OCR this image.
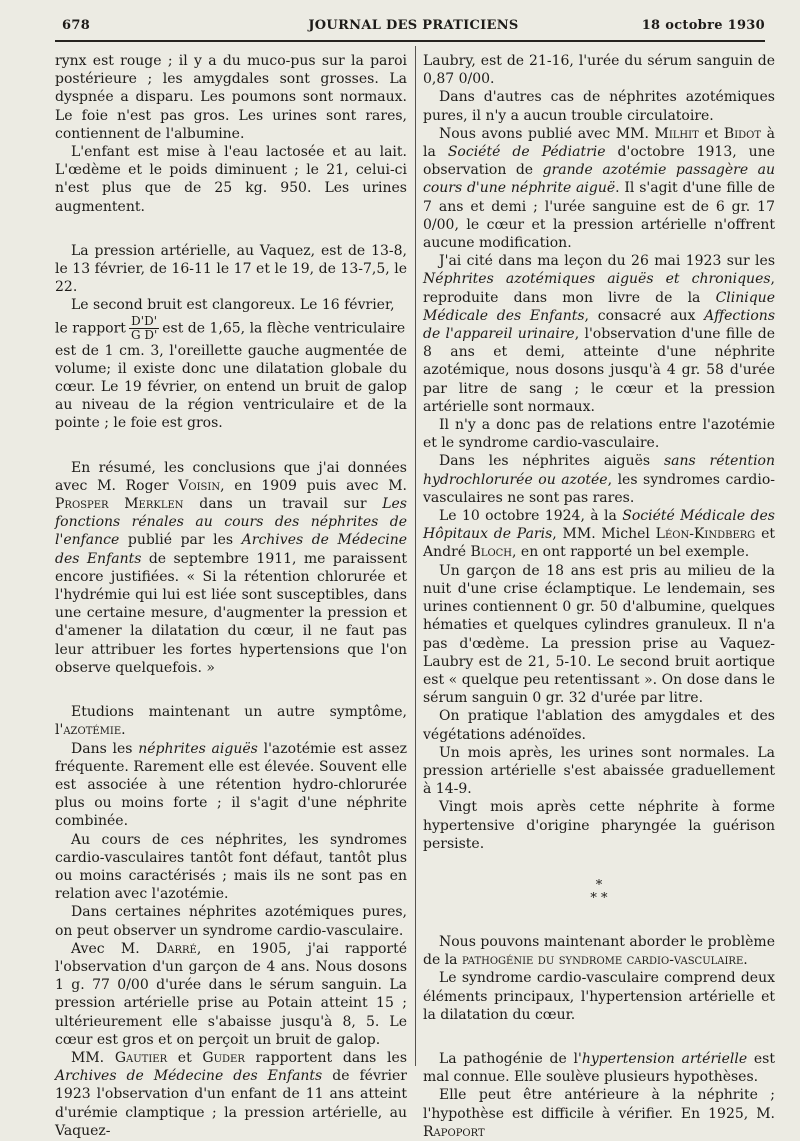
678	JOURNAL DES PRATICIENS	18 octobre 1930

rynx est rouge ; il y a du muco-pus sur la paroi postérieure ; les amygdales sont grosses. La dyspnée a disparu. Les poumons sont normaux. Le foie n'est pas gros. Les urines sont rares, contiennent de l'albumine.

L'enfant est mise à l'eau lactosée et au lait. L'œdème et le poids diminuent ; le 21, celui-ci n'est plus que de 25 kg. 950. Les urines augmentent.

La pression artérielle, au Vaquez, est de 13-8, le 13 février, de 16-11 le 17 et le 19, de 13-7,5, le 22.

Le second bruit est clangoreux. Le 16 février,

le rapport $\frac{D'D'}{\text{G D'}}$ est de 1,65, la flèche ventriculaire

est de 1 cm. 3, l'oreillette gauche augmentée de volume; il existe donc une dilatation globale du cœur. Le 19 février, on entend un bruit de galop au niveau de la région ventriculaire et de la pointe ; le foie est gros.

En résumé, les conclusions que j'ai données avec M. Roger Voisin, en 1909 puis avec M. Prosper Merklen dans un travail sur Les fonctions rénales au cours des néphrites de l'enfance publié par les Archives de Médecine des Enfants de septembre 1911, me paraissent encore justifiées. « Si la rétention chlorurée et l'hydrémie qui lui est liée sont susceptibles, dans une certaine mesure, d'augmenter la pression et d'amener la dilatation du cœur, il ne faut pas leur attribuer les fortes hypertensions que l'on observe quelquefois. »

Etudions maintenant un autre symptôme, l'azotémie.

Dans les néphrites aiguës l'azotémie est assez fréquente. Rarement elle est élevée. Souvent elle est associée à une rétention hydro-chlorurée plus ou moins forte ; il s'agit d'une néphrite combinée.

Au cours de ces néphrites, les syndromes cardio-vasculaires tantôt font défaut, tantôt plus ou moins caractérisés ; mais ils ne sont pas en relation avec l'azotémie.

Dans certaines néphrites azotémiques pures, on peut observer un syndrome cardio-vasculaire.

Avec M. Darré, en 1905, j'ai rapporté l'observation d'un garçon de 4 ans. Nous dosons 1 g. 77 0/00 d'urée dans le sérum sanguin. La pression artérielle prise au Potain atteint 15 ; ultérieurement elle s'abaisse jusqu'à 8, 5. Le cœur est gros et on perçoit un bruit de galop.

MM. Gautier et Guder rapportent dans les Archives de Médecine des Enfants de février 1923 l'observation d'un enfant de 11 ans atteint d'urémie clamptique ; la pression artérielle, au Vaquez-

Laubry, est de 21-16, l'urée du sérum sanguin de 0,87 0/00.

Dans d'autres cas de néphrites azotémiques pures, il n'y a aucun trouble circulatoire.

Nous avons publié avec MM. Milhit et Bidot à la Société de Pédiatrie d'octobre 1913, une observation de grande azotémie passagère au cours d'une néphrite aiguë. Il s'agit d'une fille de 7 ans et demi ; l'urée sanguine est de 6 gr. 17 0/00, le cœur et la pression artérielle n'offrent aucune modification.

J'ai cité dans ma leçon du 26 mai 1923 sur les Néphrites azotémiques aiguës et chroniques, reproduite dans mon livre de la Clinique Médicale des Enfants, consacré aux Affections de l'appareil urinaire, l'observation d'une fille de 8 ans et demi, atteinte d'une néphrite azotémique, nous dosons jusqu'à 4 gr. 58 d'urée par litre de sang ; le cœur et la pression artérielle sont normaux.

Il n'y a donc pas de relations entre l'azotémie et le syndrome cardio-vasculaire.

Dans les néphrites aiguës sans rétention hydrochlorurée ou azotée, les syndromes cardio-vasculaires ne sont pas rares.

Le 10 octobre 1924, à la Société Médicale des Hôpitaux de Paris, MM. Michel Léon-Kindberg et André Bloch, en ont rapporté un bel exemple.

Un garçon de 18 ans est pris au milieu de la nuit d'une crise éclamptique. Le lendemain, ses urines contiennent 0 gr. 50 d'albumine, quelques hématies et quelques cylindres granuleux. Il n'a pas d'œdème. La pression prise au Vaquez-Laubry est de 21, 5-10. Le second bruit aortique est « quelque peu retentissant ». On dose dans le sérum sanguin 0 gr. 32 d'urée par litre.

On pratique l'ablation des amygdales et des végétations adénoïdes.

Un mois après, les urines sont normales. La pression artérielle s'est abaissée graduellement à 14-9.

Vingt mois après cette néphrite à forme hypertensive d'origine pharyngée la guérison persiste.

*
* *

Nous pouvons maintenant aborder le problème de la pathogénie du syndrome cardio-vasculaire.

Le syndrome cardio-vasculaire comprend deux éléments principaux, l'hypertension artérielle et la dilatation du cœur.

La pathogénie de l'hypertension artérielle est mal connue. Elle soulève plusieurs hypothèses.

Elle peut être antérieure à la néphrite ; l'hypothèse est difficile à vérifier. En 1925, M. Rapoport
